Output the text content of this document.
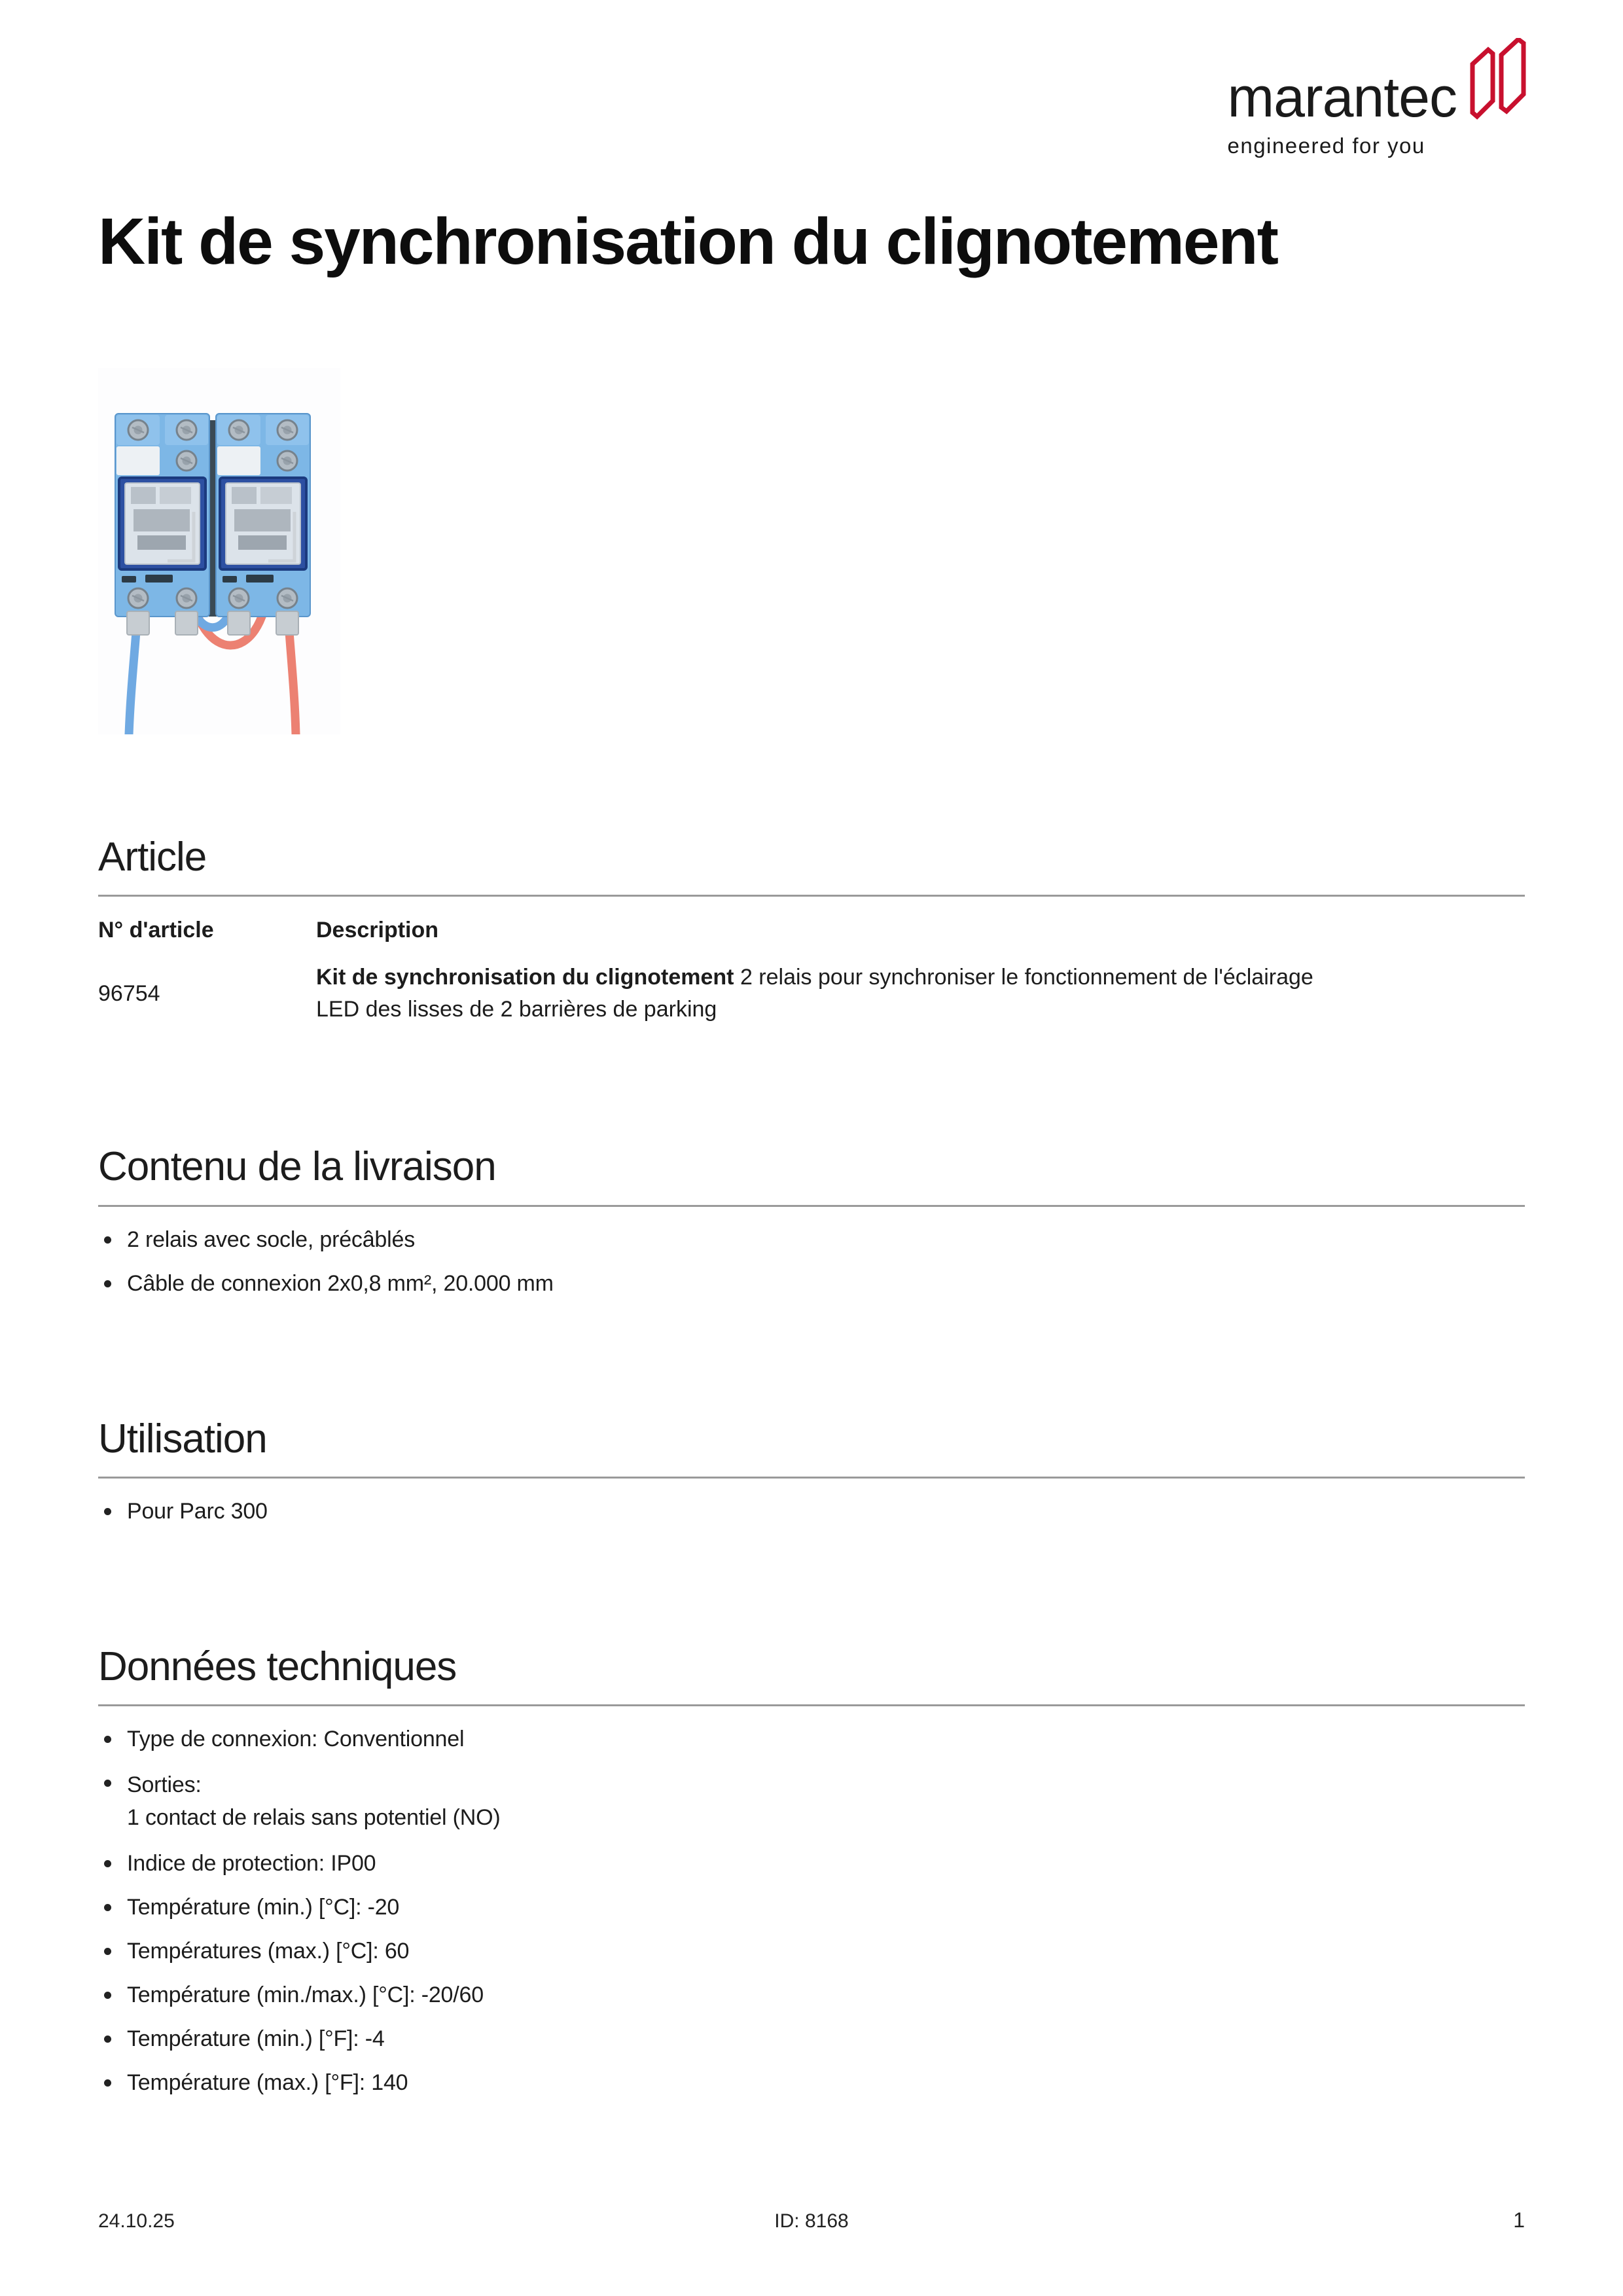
marantec
engineered for you
Kit de synchronisation du clignotement
Article
N° d'article	Description
96754
Kit de synchronisation du clignotement 2 relais pour synchroniser le fonctionnement de l'éclairage
LED des lisses de 2 barrières de parking
Contenu de la livraison
2 relais avec socle, précâblés
Câble de connexion 2x0,8 mm², 20.000 mm
Utilisation
Pour Parc 300
Données techniques
Type de connexion: Conventionnel
Sorties:
1 contact de relais sans potentiel (NO)
Indice de protection: IP00
Température (min.) [°C]: -20
Températures (max.) [°C]: 60
Température (min./max.) [°C]: -20/60
Température (min.) [°F]: -4
Température (max.) [°F]: 140
24.10.25	ID: 8168	1
